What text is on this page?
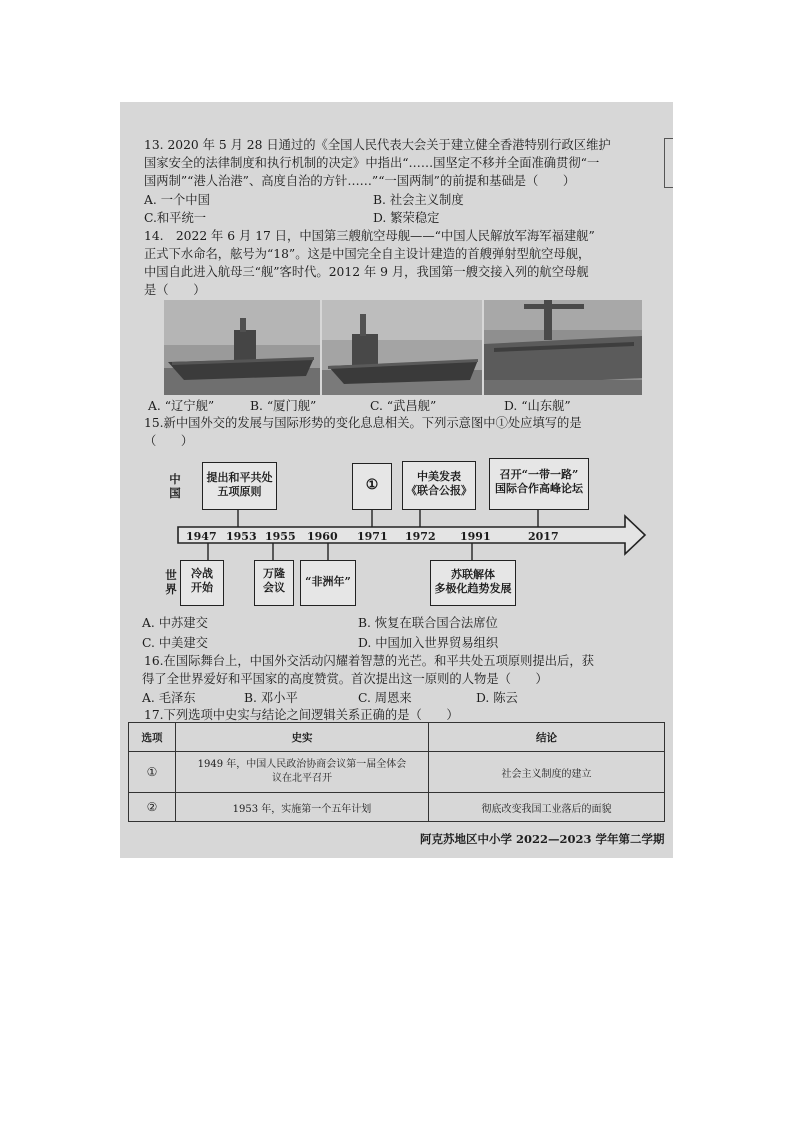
13. 2020 年 5 月 28 日通过的《全国人民代表大会关于建立健全香港特别行政区维护
国家安全的法律制度和执行机制的决定》中指出“……国坚定不移并全面准确贯彻“一
国两制”“港人治港”、高度自治的方针……”“一国两制”的前提和基础是（　　）
A. 一个中国	B. 社会主义制度
C.和平统一	D. 繁荣稳定
14.　2022 年 6 月 17 日，中国第三艘航空母舰——“中国人民解放军海军福建舰”
正式下水命名，舷号为“18”。这是中国完全自主设计建造的首艘弹射型航空母舰，
中国自此进入航母三“舰”客时代。2012 年 9 月，我国第一艘交接入列的航空母舰
是（　　）
A. “辽宁舰”	B. “厦门舰”	C. “武昌舰”	D. “山东舰”
15.新中国外交的发展与国际形势的变化息息相关。下列示意图中①处应填写的是
（　　）
中
国
世
界
提出和平共处
五项原则	①
中美发表
《联合公报》
召开“一带一路”
国际合作高峰论坛
1947 1953 1955 1960 1971 1972 1991	2017
冷战
开始
万隆
会议	“非洲年”
苏联解体
多极化趋势发展
A. 中苏建交	B. 恢复在联合国合法席位
C. 中美建交	D. 中国加入世界贸易组织
16.在国际舞台上，中国外交活动闪耀着智慧的光芒。和平共处五项原则提出后，获
得了全世界爱好和平国家的高度赞赏。首次提出这一原则的人物是（　　）
A. 毛泽东	B. 邓小平	C. 周恩来	D. 陈云
17.下列选项中史实与结论之间逻辑关系正确的是（　　）
选项	史实	结论
①	1949 年，中国人民政治协商会议第一届全体会
议在北平召开	社会主义制度的建立
②	1953 年，实施第一个五年计划	彻底改变我国工业落后的面貌
阿克苏地区中小学 2022—2023 学年第二学期
